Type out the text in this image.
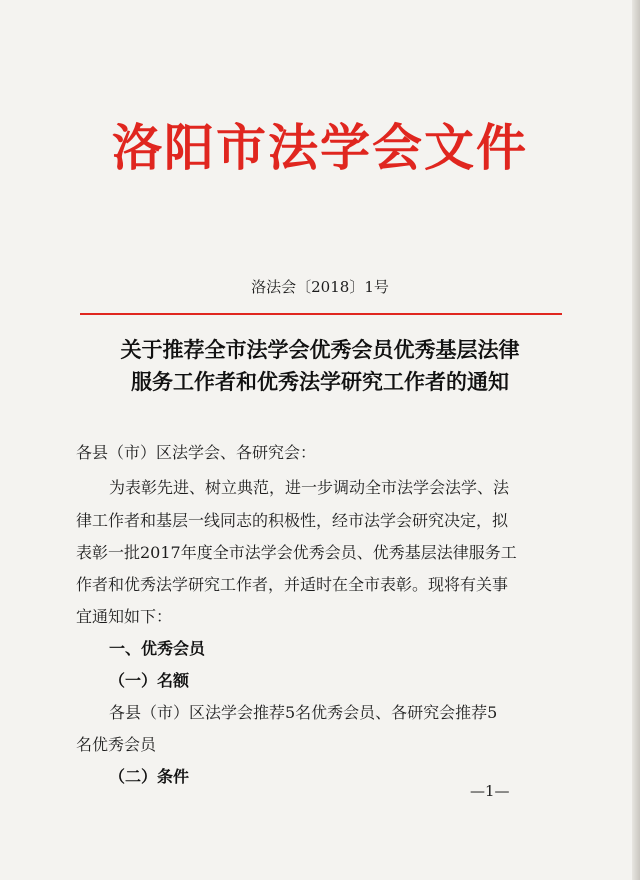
洛阳市法学会文件
洛法会〔2018〕1号
关于推荐全市法学会优秀会员优秀基层法律
服务工作者和优秀法学研究工作者的通知
各县（市）区法学会、各研究会：
为表彰先进、树立典范，进一步调动全市法学会法学、法
律工作者和基层一线同志的积极性，经市法学会研究决定，拟
表彰一批2017年度全市法学会优秀会员、优秀基层法律服务工
作者和优秀法学研究工作者，并适时在全市表彰。现将有关事
宜通知如下：
一、优秀会员
（一）名额
各县（市）区法学会推荐5名优秀会员、各研究会推荐5
名优秀会员
（二）条件
—1—
